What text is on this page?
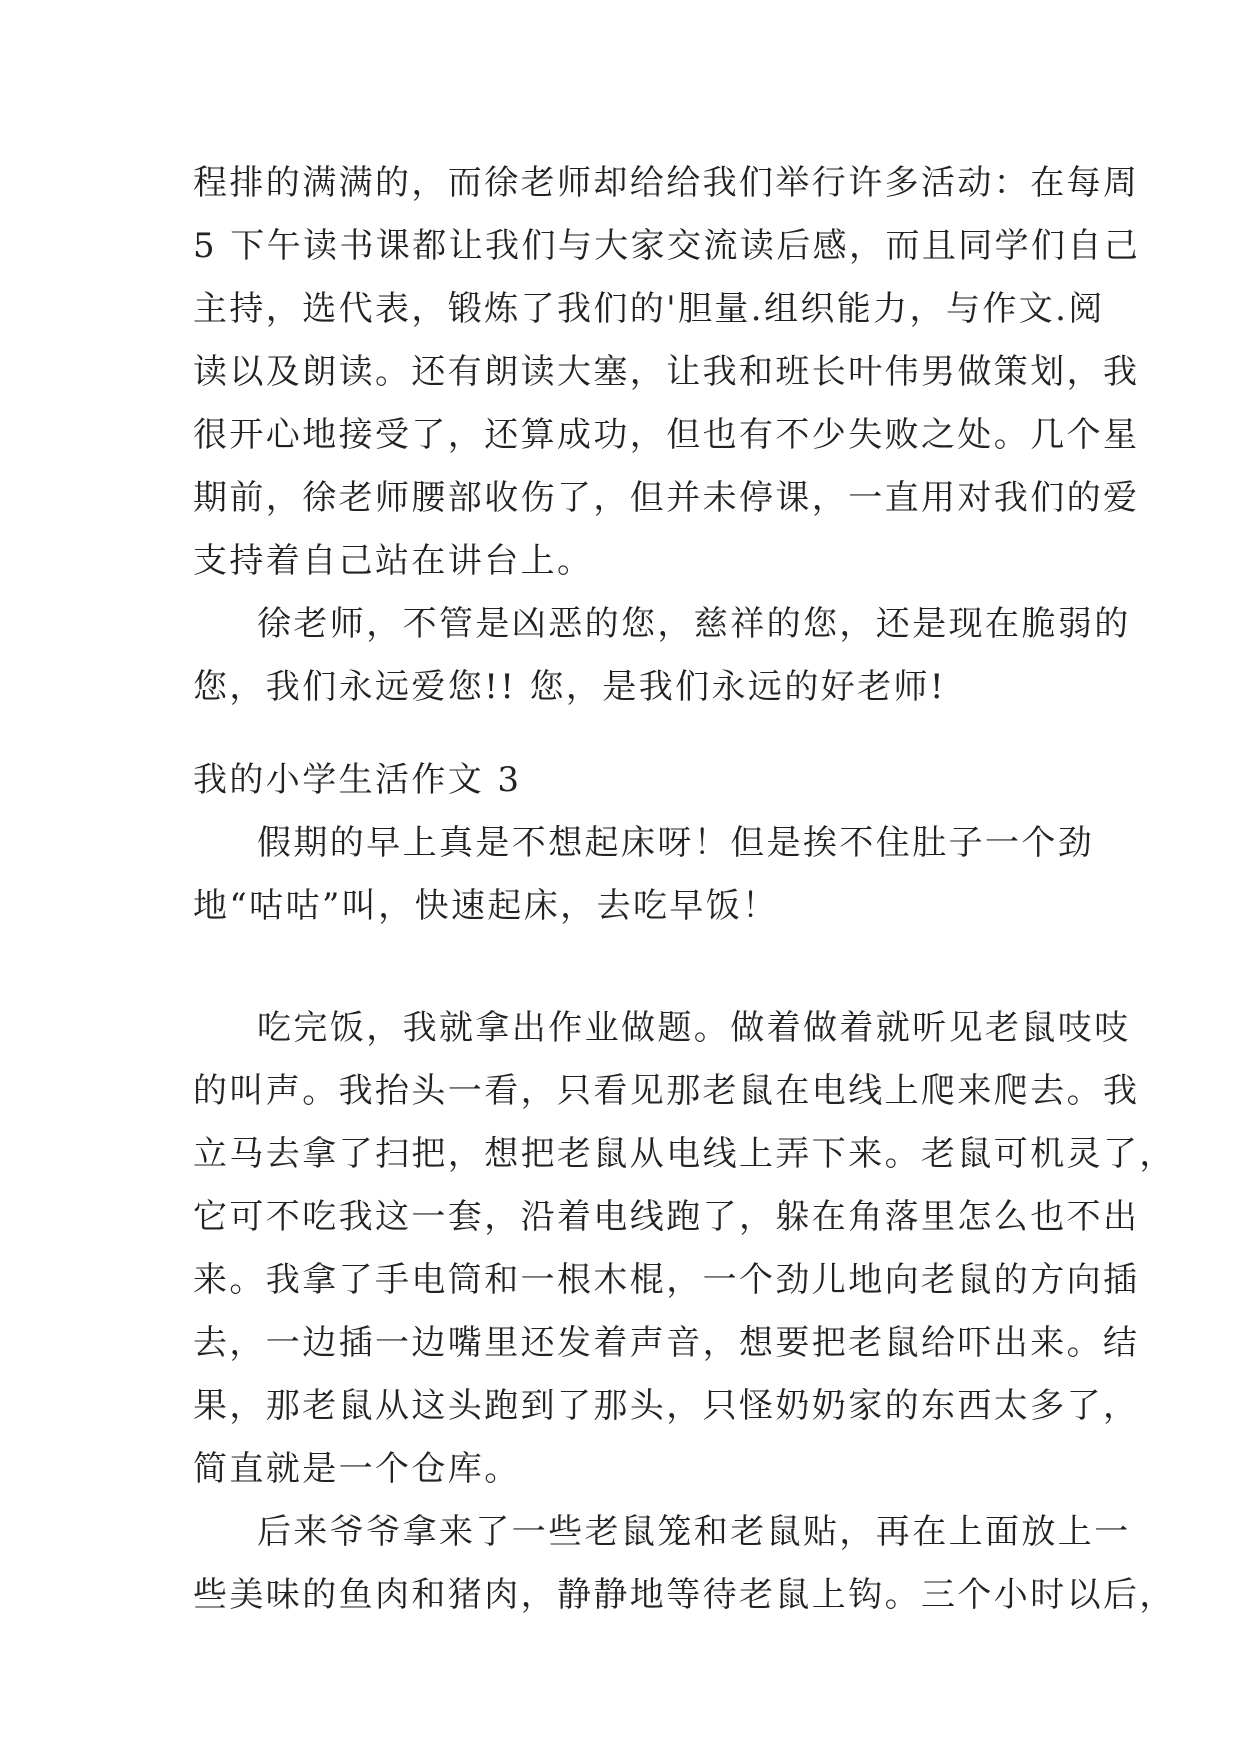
程排的满满的，而徐老师却给给我们举行许多活动：在每周
5 下午读书课都让我们与大家交流读后感，而且同学们自己
主持，选代表，锻炼了我们的'胆量.组织能力，与作文.阅
读以及朗读。还有朗读大塞，让我和班长叶伟男做策划，我
很开心地接受了，还算成功，但也有不少失败之处。几个星
期前，徐老师腰部收伤了，但并未停课，一直用对我们的爱
支持着自己站在讲台上。
徐老师，不管是凶恶的您，慈祥的您，还是现在脆弱的
您，我们永远爱您!! 您，是我们永远的好老师!
我的小学生活作文 3
假期的早上真是不想起床呀！但是挨不住肚子一个劲
地“咕咕”叫，快速起床，去吃早饭！
吃完饭，我就拿出作业做题。做着做着就听见老鼠吱吱
的叫声。我抬头一看，只看见那老鼠在电线上爬来爬去。我
立马去拿了扫把，想把老鼠从电线上弄下来。老鼠可机灵了，
它可不吃我这一套，沿着电线跑了，躲在角落里怎么也不出
来。我拿了手电筒和一根木棍，一个劲儿地向老鼠的方向插
去，一边插一边嘴里还发着声音，想要把老鼠给吓出来。结
果，那老鼠从这头跑到了那头，只怪奶奶家的东西太多了，
简直就是一个仓库。
后来爷爷拿来了一些老鼠笼和老鼠贴，再在上面放上一
些美味的鱼肉和猪肉，静静地等待老鼠上钩。三个小时以后，
